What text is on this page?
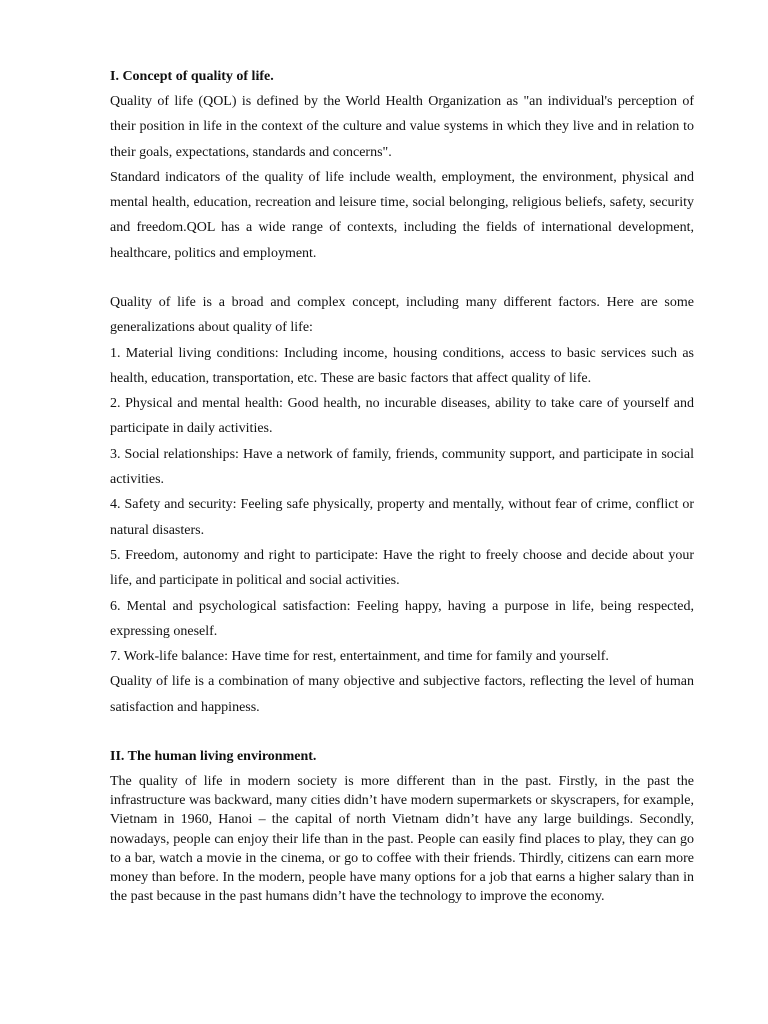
I. Concept of quality of life.

Quality of life (QOL) is defined by the World Health Organization as "an individual's perception of their position in life in the context of the culture and value systems in which they live and in relation to their goals, expectations, standards and concerns".

Standard indicators of the quality of life include wealth, employment, the environment, physical and mental health, education, recreation and leisure time, social belonging, religious beliefs, safety, security and freedom.QOL has a wide range of contexts, including the fields of international development, healthcare, politics and employment.

Quality of life is a broad and complex concept, including many different factors. Here are some generalizations about quality of life:

1. Material living conditions: Including income, housing conditions, access to basic services such as health, education, transportation, etc. These are basic factors that affect quality of life.

2. Physical and mental health: Good health, no incurable diseases, ability to take care of yourself and participate in daily activities.

3. Social relationships: Have a network of family, friends, community support, and participate in social activities.

4. Safety and security: Feeling safe physically, property and mentally, without fear of crime, conflict or natural disasters.

5. Freedom, autonomy and right to participate: Have the right to freely choose and decide about your life, and participate in political and social activities.

6. Mental and psychological satisfaction: Feeling happy, having a purpose in life, being respected, expressing oneself.

7. Work-life balance: Have time for rest, entertainment, and time for family and yourself.

Quality of life is a combination of many objective and subjective factors, reflecting the level of human satisfaction and happiness.

II. The human living environment.

The quality of life in modern society is more different than in the past. Firstly, in the past the infrastructure was backward, many cities didn’t have modern supermarkets or skyscrapers, for example, Vietnam in 1960, Hanoi – the capital of north Vietnam didn’t have any large buildings. Secondly, nowadays, people can enjoy their life than in the past. People can easily find places to play, they can go to a bar, watch a movie in the cinema, or go to coffee with their friends. Thirdly, citizens can earn more money than before. In the modern, people have many options for a job that earns a higher salary than in the past because in the past humans didn’t have the technology to improve the economy.
